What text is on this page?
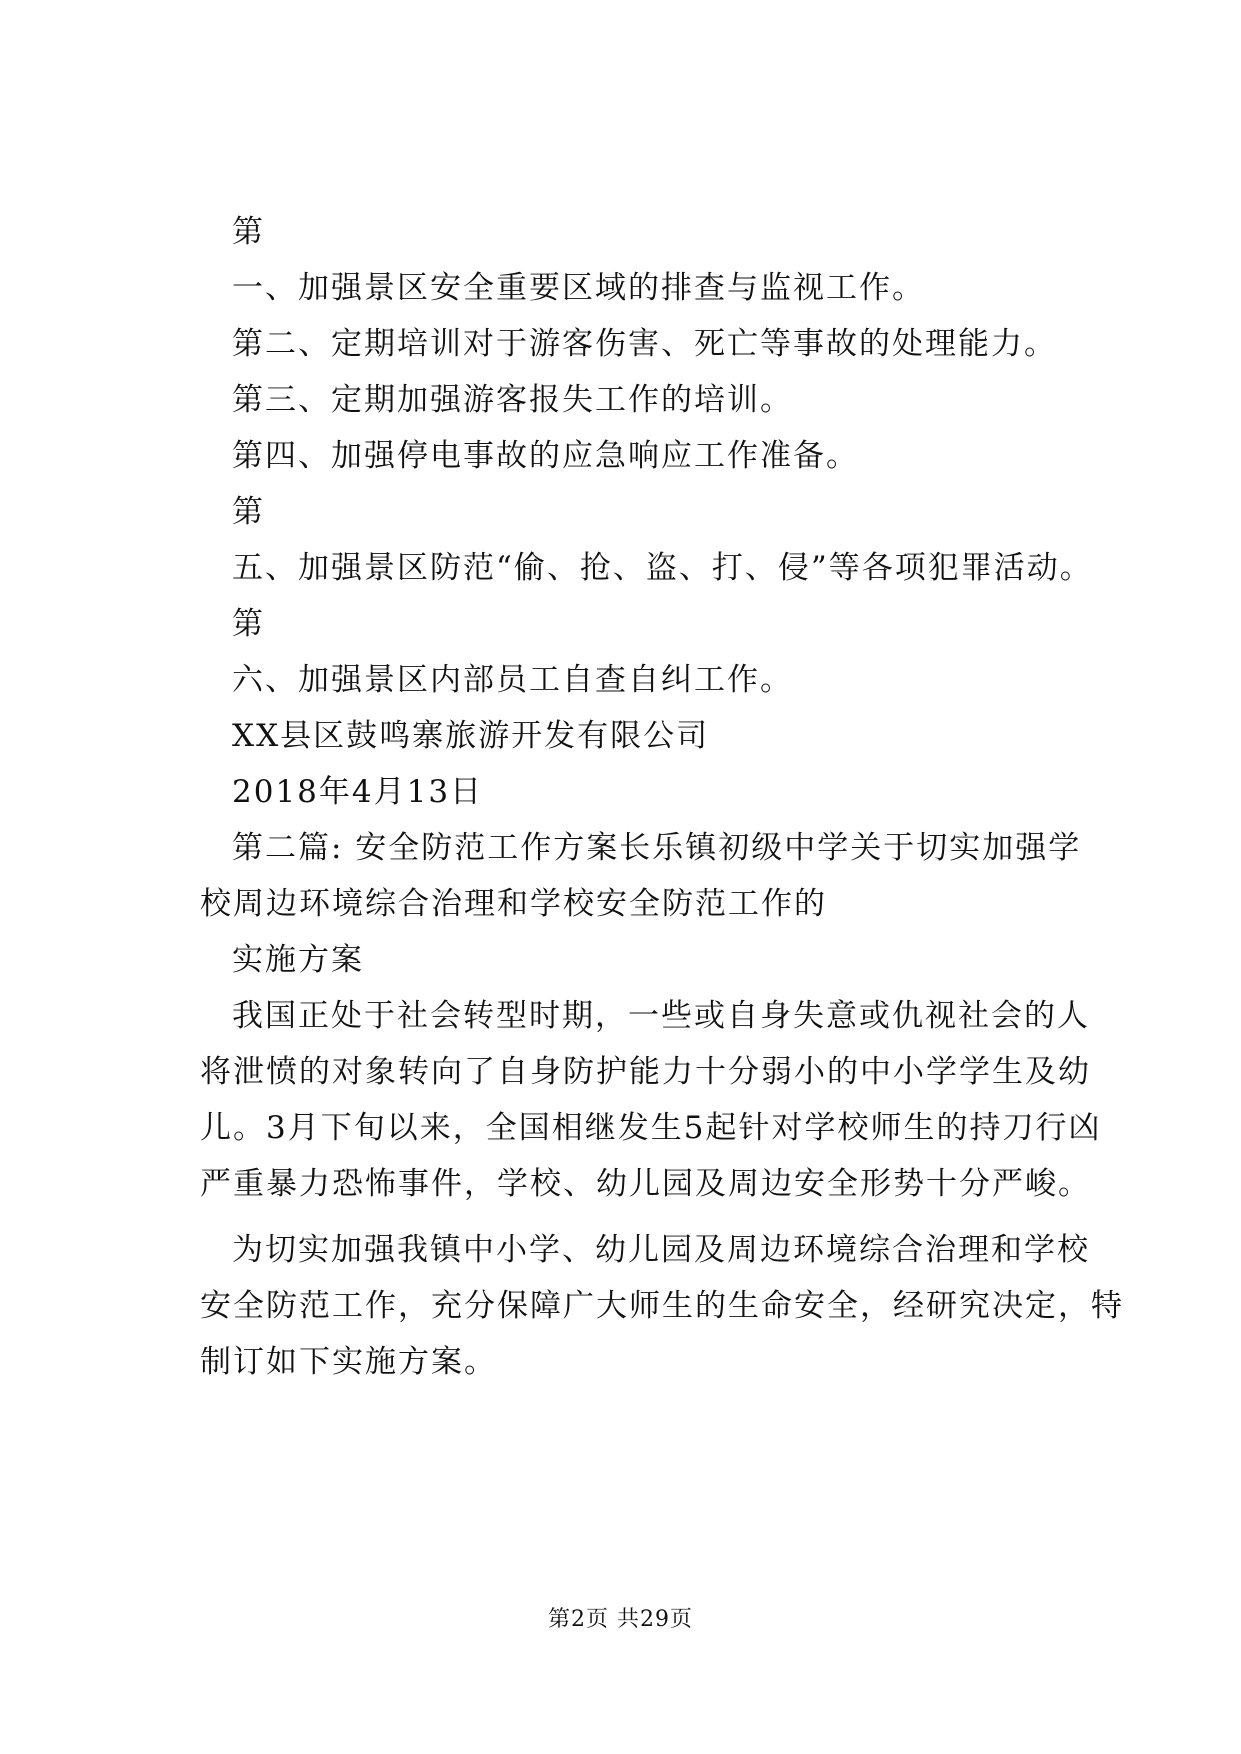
第
一、加强景区安全重要区域的排查与监视工作。
第二、定期培训对于游客伤害、死亡等事故的处理能力。
第三、定期加强游客报失工作的培训。
第四、加强停电事故的应急响应工作准备。
第
五、加强景区防范“偷、抢、盗、打、侵”等各项犯罪活动。
第
六、加强景区内部员工自查自纠工作。
XX县区鼓鸣寨旅游开发有限公司
2018年4月13日
第二篇: 安全防范工作方案长乐镇初级中学关于切实加强学
校周边环境综合治理和学校安全防范工作的
实施方案
我国正处于社会转型时期，一些或自身失意或仇视社会的人
将泄愤的对象转向了自身防护能力十分弱小的中小学学生及幼
儿。3月下旬以来，全国相继发生5起针对学校师生的持刀行凶
严重暴力恐怖事件，学校、幼儿园及周边安全形势十分严峻。
为切实加强我镇中小学、幼儿园及周边环境综合治理和学校
安全防范工作，充分保障广大师生的生命安全，经研究决定，特
制订如下实施方案。
第2页 共29页
